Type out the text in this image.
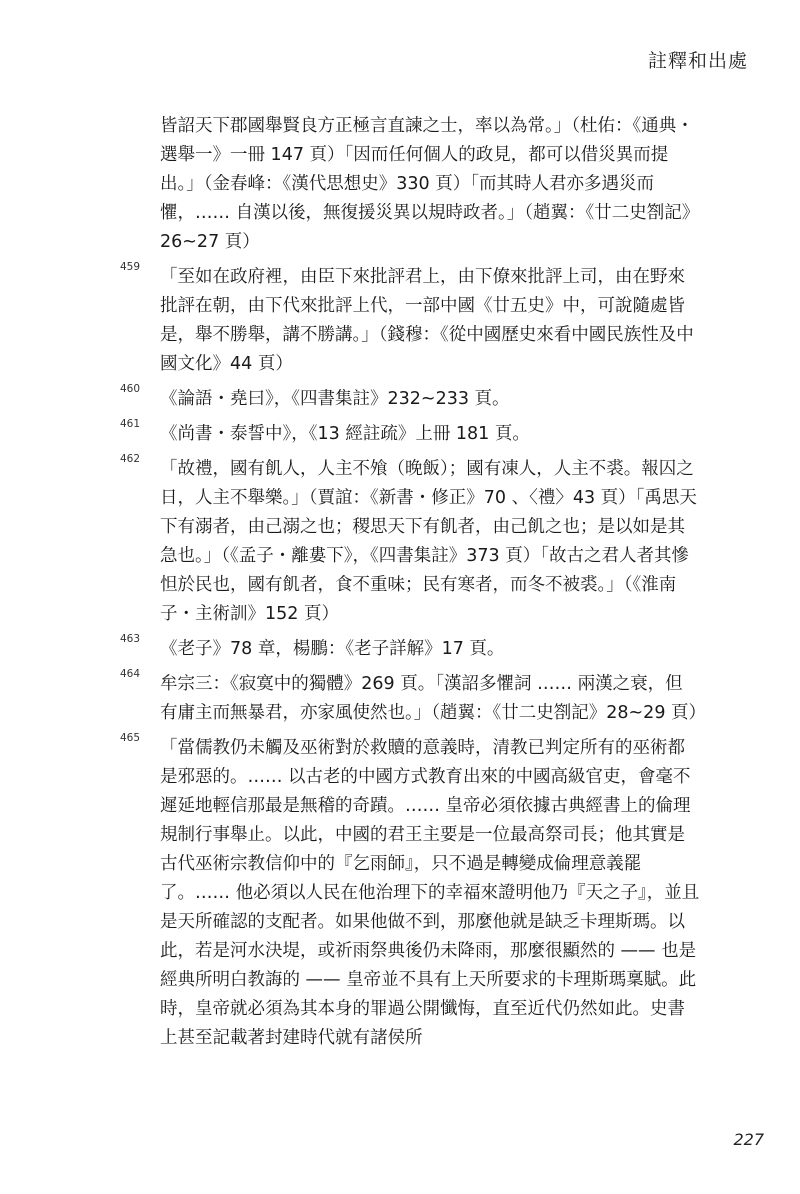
註釋和出處
皆詔天下郡國舉賢良方正極言直諫之士，率以為常。」（杜佑：《通典・選舉一》一冊 147 頁）「因而任何個人的政見，都可以借災異而提出。」（金春峰：《漢代思想史》330 頁）「而其時人君亦多遇災而懼，…… 自漢以後，無復援災異以規時政者。」（趙翼：《廿二史劄記》26~27 頁）
459 「至如在政府裡，由臣下來批評君上，由下僚來批評上司，由在野來批評在朝，由下代來批評上代，一部中國《廿五史》中，可說隨處皆是，舉不勝舉，講不勝講。」（錢穆：《從中國歷史來看中國民族性及中國文化》44 頁）
460 《論語・堯曰》，《四書集註》232~233 頁。
461 《尚書・泰誓中》，《13 經註疏》上冊 181 頁。
462 「故禮，國有飢人，人主不飧（晚飯）；國有凍人，人主不裘。報囚之日，人主不舉樂。」（賈誼：《新書・修正》70 、〈禮〉43 頁）「禹思天下有溺者，由己溺之也；稷思天下有飢者，由己飢之也；是以如是其急也。」（《孟子・離婁下》，《四書集註》373 頁）「故古之君人者其慘怛於民也，國有飢者，食不重味；民有寒者，而冬不被裘。」（《淮南子・主術訓》152 頁）
463 《老子》78 章，楊鵬：《老子詳解》17 頁。
464 牟宗三：《寂寞中的獨體》269 頁。「漢詔多懼詞 …… 兩漢之衰，但有庸主而無暴君，亦家風使然也。」（趙翼：《廿二史劄記》28~29 頁）
465 「當儒教仍未觸及巫術對於救贖的意義時，清教已判定所有的巫術都是邪惡的。…… 以古老的中國方式教育出來的中國高級官吏，會毫不遲延地輕信那最是無稽的奇蹟。…… 皇帝必須依據古典經書上的倫理規制行事舉止。以此，中國的君王主要是一位最高祭司長；他其實是古代巫術宗教信仰中的『乞雨師』，只不過是轉變成倫理意義罷了。…… 他必須以人民在他治理下的幸福來證明他乃『天之子』，並且是天所確認的支配者。如果他做不到，那麼他就是缺乏卡理斯瑪。以此，若是河水決堤，或祈雨祭典後仍未降雨，那麼很顯然的 —— 也是經典所明白教誨的 —— 皇帝並不具有上天所要求的卡理斯瑪稟賦。此時，皇帝就必須為其本身的罪過公開懺悔，直至近代仍然如此。史書上甚至記載著封建時代就有諸侯所
227
